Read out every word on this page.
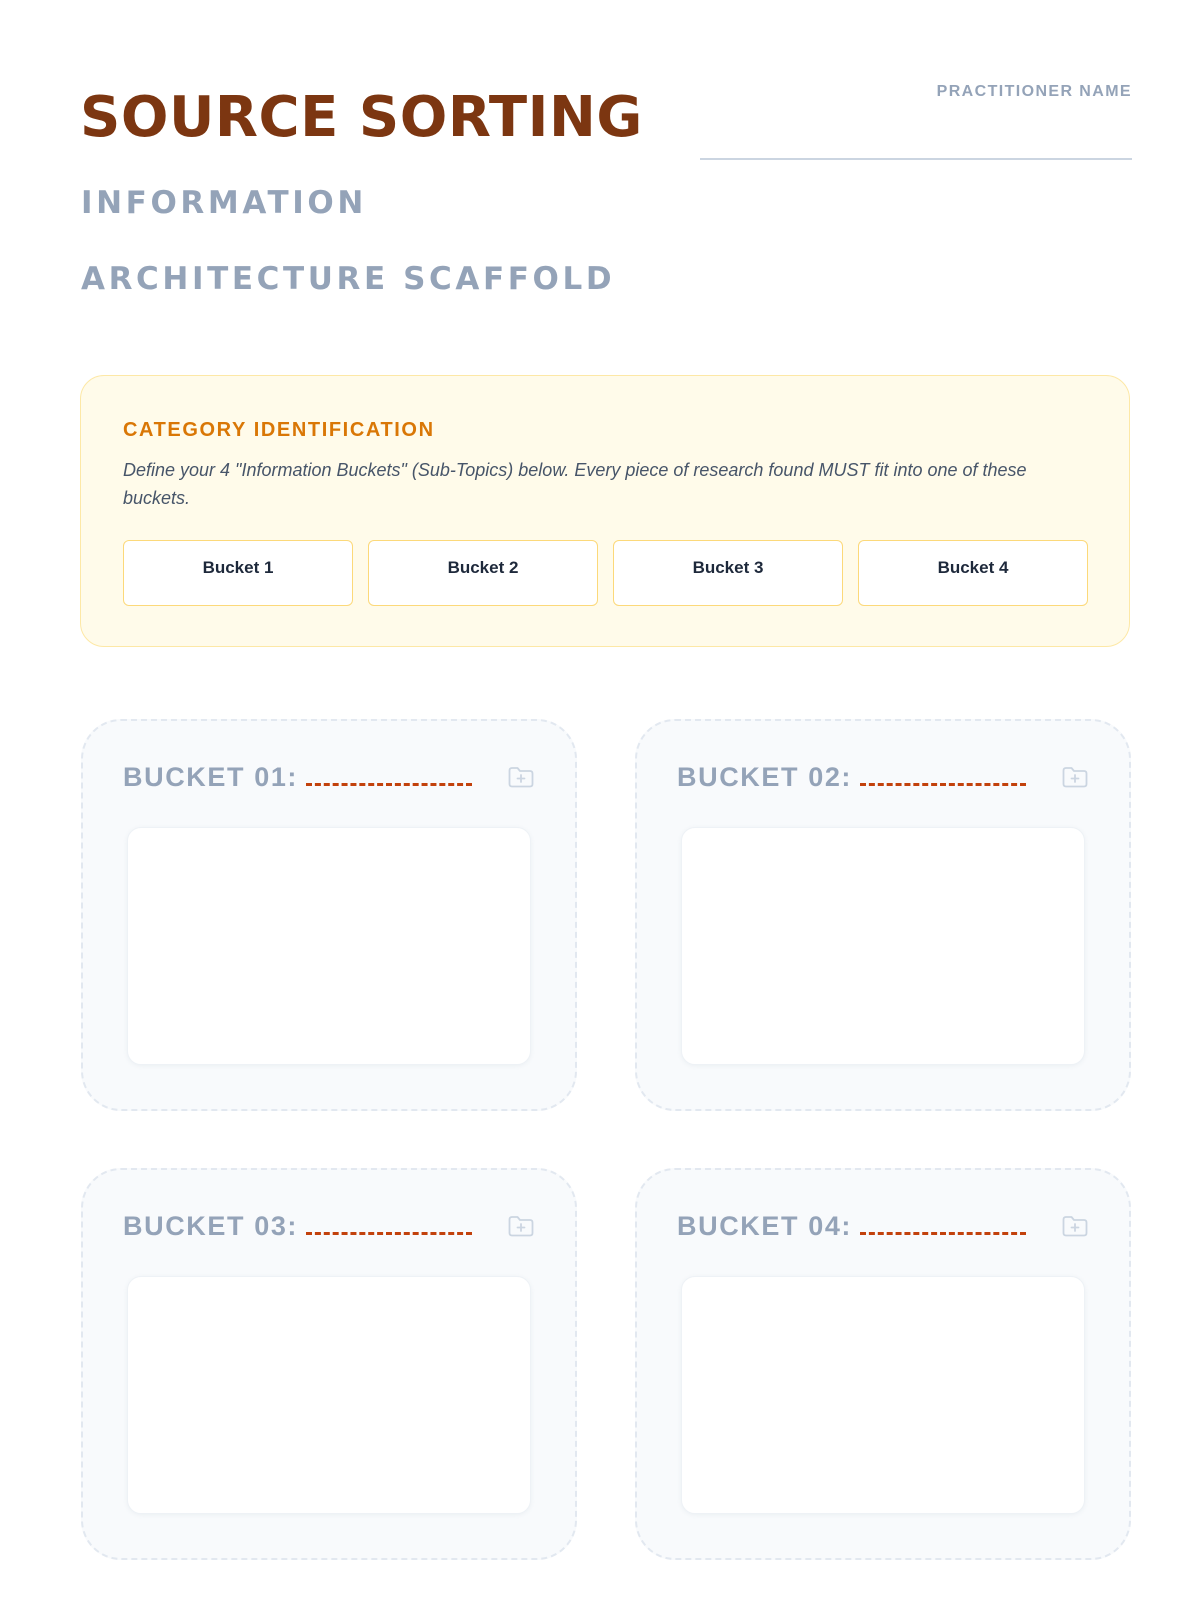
SOURCE SORTING
INFORMATION
ARCHITECTURE SCAFFOLD
PRACTITIONER NAME
CATEGORY IDENTIFICATION

Define your 4 "Information Buckets" (Sub-Topics) below. Every piece of research found MUST fit into one of these buckets.

Bucket 1	Bucket 2	Bucket 3	Bucket 4
BUCKET 01:	BUCKET 02:
BUCKET 03:	BUCKET 04:
